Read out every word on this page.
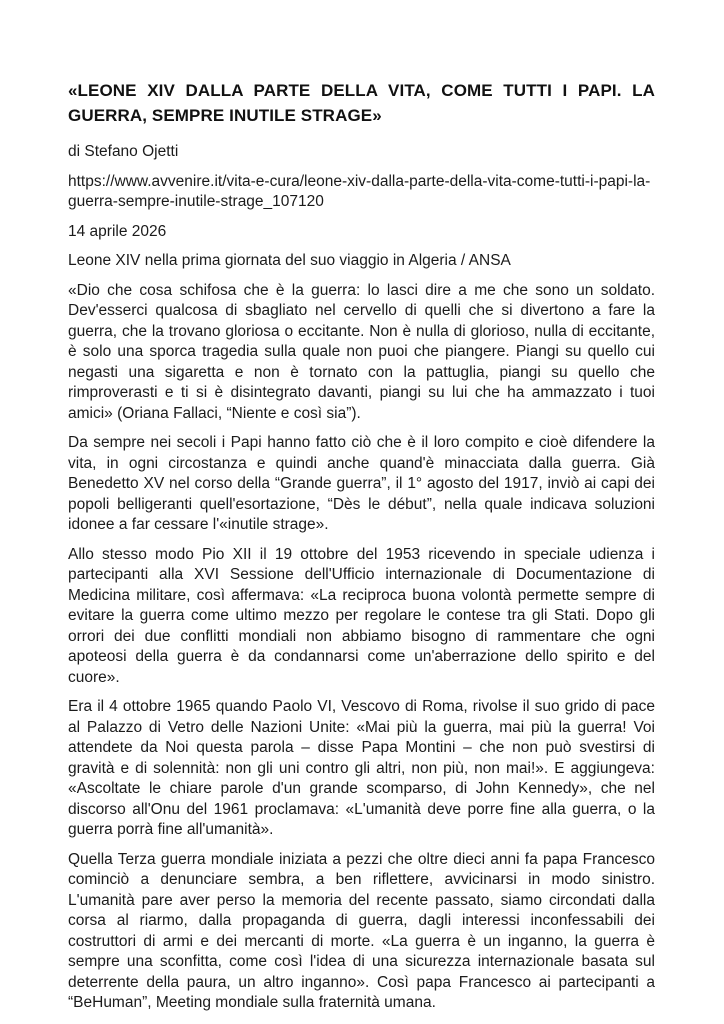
«LEONE XIV DALLA PARTE DELLA VITA, COME TUTTI I PAPI. LA GUERRA, SEMPRE INUTILE STRAGE»

di Stefano Ojetti

https://www.avvenire.it/vita-e-cura/leone-xiv-dalla-parte-della-vita-come-tutti-i-papi-la-guerra-sempre-inutile-strage_107120

14 aprile 2026

Leone XIV nella prima giornata del suo viaggio in Algeria / ANSA

«Dio che cosa schifosa che è la guerra: lo lasci dire a me che sono un soldato. Dev'esserci qualcosa di sbagliato nel cervello di quelli che si divertono a fare la guerra, che la trovano gloriosa o eccitante. Non è nulla di glorioso, nulla di eccitante, è solo una sporca tragedia sulla quale non puoi che piangere. Piangi su quello cui negasti una sigaretta e non è tornato con la pattuglia, piangi su quello che rimproverasti e ti si è disintegrato davanti, piangi su lui che ha ammazzato i tuoi amici» (Oriana Fallaci, “Niente e così sia”).

Da sempre nei secoli i Papi hanno fatto ciò che è il loro compito e cioè difendere la vita, in ogni circostanza e quindi anche quand'è minacciata dalla guerra. Già Benedetto XV nel corso della “Grande guerra”, il 1° agosto del 1917, inviò ai capi dei popoli belligeranti quell'esortazione, “Dès le début”, nella quale indicava soluzioni idonee a far cessare l'«inutile strage».

Allo stesso modo Pio XII il 19 ottobre del 1953 ricevendo in speciale udienza i partecipanti alla XVI Sessione dell'Ufficio internazionale di Documentazione di Medicina militare, così affermava: «La reciproca buona volontà permette sempre di evitare la guerra come ultimo mezzo per regolare le contese tra gli Stati. Dopo gli orrori dei due conflitti mondiali non abbiamo bisogno di rammentare che ogni apoteosi della guerra è da condannarsi come un'aberrazione dello spirito e del cuore».

Era il 4 ottobre 1965 quando Paolo VI, Vescovo di Roma, rivolse il suo grido di pace al Palazzo di Vetro delle Nazioni Unite: «Mai più la guerra, mai più la guerra! Voi attendete da Noi questa parola – disse Papa Montini – che non può svestirsi di gravità e di solennità: non gli uni contro gli altri, non più, non mai!». E aggiungeva: «Ascoltate le chiare parole d'un grande scomparso, di John Kennedy», che nel discorso all'Onu del 1961 proclamava: «L'umanità deve porre fine alla guerra, o la guerra porrà fine all'umanità».

Quella Terza guerra mondiale iniziata a pezzi che oltre dieci anni fa papa Francesco cominciò a denunciare sembra, a ben riflettere, avvicinarsi in modo sinistro. L'umanità pare aver perso la memoria del recente passato, siamo circondati dalla corsa al riarmo, dalla propaganda di guerra, dagli interessi inconfessabili dei costruttori di armi e dei mercanti di morte. «La guerra è un inganno, la guerra è sempre una sconfitta, come così l'idea di una sicurezza internazionale basata sul deterrente della paura, un altro inganno». Così papa Francesco ai partecipanti a “BeHuman”, Meeting mondiale sulla fraternità umana.
